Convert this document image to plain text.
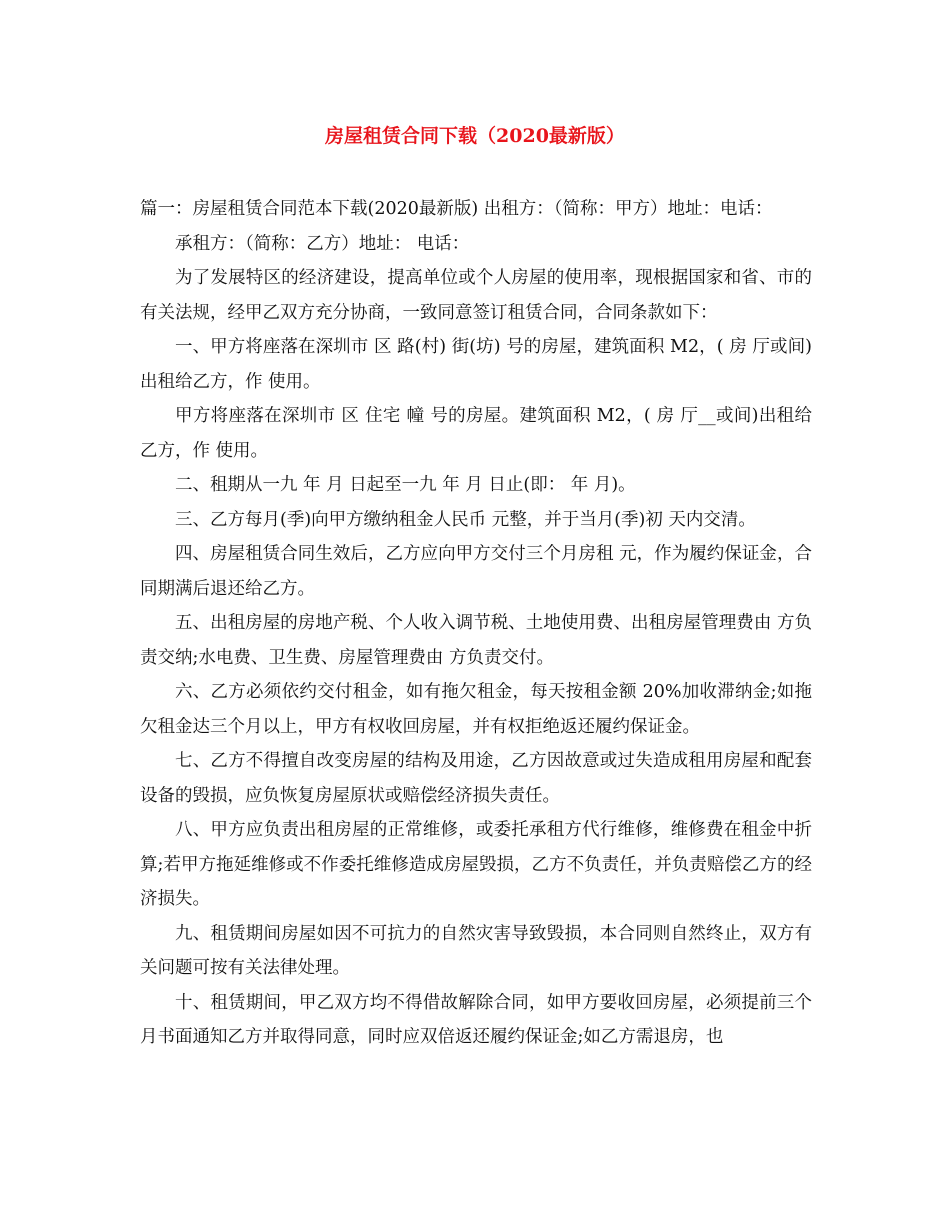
房屋租赁合同下载（2020最新版）

篇一：房屋租赁合同范本下载(2020最新版) 出租方：（简称：甲方）地址：电话：

承租方：（简称：乙方）地址： 电话：

为了发展特区的经济建设，提高单位或个人房屋的使用率，现根据国家和省、市的有关法规，经甲乙双方充分协商，一致同意签订租赁合同，合同条款如下：

一、甲方将座落在深圳市 区 路(村) 街(坊) 号的房屋，建筑面积 M2，( 房 厅或间)出租给乙方，作 使用。

甲方将座落在深圳市 区 住宅 幢 号的房屋。建筑面积 M2，( 房 厅__或间)出租给乙方，作 使用。

二、租期从一九 年 月 日起至一九 年 月 日止(即： 年 月)。

三、乙方每月(季)向甲方缴纳租金人民币 元整，并于当月(季)初 天内交清。

四、房屋租赁合同生效后，乙方应向甲方交付三个月房租 元，作为履约保证金，合同期满后退还给乙方。

五、出租房屋的房地产税、个人收入调节税、土地使用费、出租房屋管理费由 方负责交纳;水电费、卫生费、房屋管理费由 方负责交付。

六、乙方必须依约交付租金，如有拖欠租金，每天按租金额 20%加收滞纳金;如拖欠租金达三个月以上，甲方有权收回房屋，并有权拒绝返还履约保证金。

七、乙方不得擅自改变房屋的结构及用途，乙方因故意或过失造成租用房屋和配套设备的毁损，应负恢复房屋原状或赔偿经济损失责任。

八、甲方应负责出租房屋的正常维修，或委托承租方代行维修，维修费在租金中折算;若甲方拖延维修或不作委托维修造成房屋毁损，乙方不负责任，并负责赔偿乙方的经济损失。

九、租赁期间房屋如因不可抗力的自然灾害导致毁损，本合同则自然终止，双方有关问题可按有关法律处理。

十、租赁期间，甲乙双方均不得借故解除合同，如甲方要收回房屋，必须提前三个月书面通知乙方并取得同意，同时应双倍返还履约保证金;如乙方需退房，也
